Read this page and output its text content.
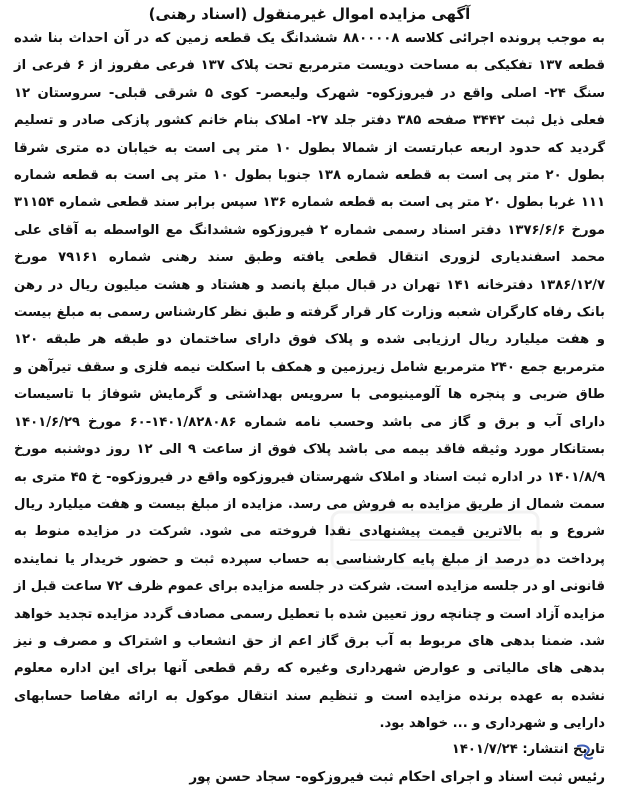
آگهی مزایده اموال غیرمنقول (اسناد رهنی)

به موجب پرونده اجرائی کلاسه ۸۸۰۰۰۰۸ ششدانگ یک قطعه زمین که در آن احداث بنا شده قطعه ۱۳۷ تفکیکی به مساحت دویست مترمربع تحت پلاک ۱۳۷ فرعی مفروز از ۶ فرعی از سنگ ۲۴- اصلی واقع در فیروزکوه- شهرک ولیعصر- کوی ۵ شرقی قبلی- سروستان ۱۲ فعلی ذیل ثبت ۳۴۴۲ صفحه ۳۸۵ دفتر جلد ۲۷- املاک بنام خانم کشور پازکی صادر و تسلیم گردید که حدود اربعه عبارتست از شمالا بطول ۱۰ متر پی است به خیابان ده متری شرقا بطول ۲۰ متر پی است به قطعه شماره ۱۳۸ جنوبا بطول ۱۰ متر پی است به قطعه شماره ۱۱۱ غربا بطول ۲۰ متر پی است به قطعه شماره ۱۳۶ سپس برابر سند قطعی شماره ۳۱۱۵۴ مورخ ۱۳۷۶/۶/۶ دفتر اسناد رسمی شماره ۲ فیروزکوه ششدانگ مع الواسطه به آقای علی محمد اسفندیاری لزوری انتقال قطعی یافته وطبق سند رهنی شماره ۷۹۱۶۱ مورخ ۱۳۸۶/۱۲/۷ دفترخانه ۱۴۱ تهران در قبال مبلغ پانصد و هشتاد و هشت میلیون ریال در رهن بانک رفاه کارگران شعبه وزارت کار قرار گرفته و طبق نظر کارشناس رسمی به مبلغ بیست و هفت میلیارد ریال ارزیابی شده و پلاک فوق دارای ساختمان دو طبقه هر طبقه ۱۲۰ مترمربع جمع ۲۴۰ مترمربع شامل زیرزمین و همکف با اسکلت نیمه فلزی و سقف تیرآهن و طاق ضربی و پنجره ها آلومینیومی با سرویس بهداشتی و گرمایش شوفاژ با تاسیسات دارای آب و برق و گاز می باشد وحسب نامه شماره ۱۴۰۱/۸۲۸۰۸۶-۶۰ مورخ ۱۴۰۱/۶/۲۹ بستانکار مورد وثیقه فاقد بیمه می باشد پلاک فوق از ساعت ۹ الی ۱۲ روز دوشنبه مورخ ۱۴۰۱/۸/۹ در اداره ثبت اسناد و املاک شهرستان فیروزکوه واقع در فیروزکوه- خ ۴۵ متری به سمت شمال از طریق مزایده به فروش می رسد. مزایده از مبلغ بیست و هفت میلیارد ریال شروع و به بالاترین قیمت پیشنهادی نقدا فروخته می شود. شرکت در مزایده منوط به پرداخت ده درصد از مبلغ پایه کارشناسی به حساب سپرده ثبت و حضور خریدار یا نماینده قانونی او در جلسه مزایده است. شرکت در جلسه مزایده برای عموم ظرف ۷۲ ساعت قبل از مزایده آزاد است و چنانچه روز تعیین شده با تعطیل رسمی مصادف گردد مزایده تجدید خواهد شد. ضمنا بدهی های مربوط به آب برق گاز اعم از حق انشعاب و اشتراک و مصرف و نیز بدهی های مالیاتی و عوارض شهرداری وغیره که رقم قطعی آنها برای این اداره معلوم نشده به عهده برنده مزایده است و تنظیم سند انتقال موکول به ارائه مفاصا حسابهای دارایی و شهرداری و ... خواهد بود.

تاریخ انتشار: ۱۴۰۱/۷/۲۴

رئیس ثبت اسناد و اجرای احکام ثبت فیروزکوه- سجاد حسن پور
